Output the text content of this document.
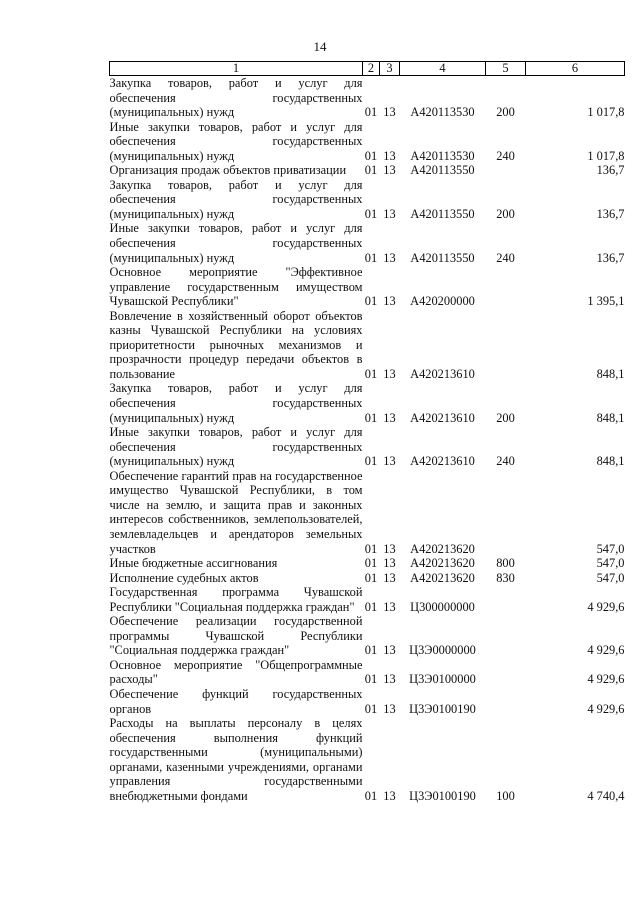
14
1	2	3	4	5	6
Закупка товаров, работ и услуг для обеспечения государственных (муниципальных) нужд	01	13	А420113530	200	1 017,8
Иные закупки товаров, работ и услуг для обеспечения государственных (муниципальных) нужд	01	13	А420113530	240	1 017,8
Организация продаж объектов приватизации	01	13	А420113550		136,7
Закупка товаров, работ и услуг для обеспечения государственных (муниципальных) нужд	01	13	А420113550	200	136,7
Иные закупки товаров, работ и услуг для обеспечения государственных (муниципальных) нужд	01	13	А420113550	240	136,7
Основное мероприятие "Эффективное управление государственным имуществом Чувашской Республики"	01	13	А420200000		1 395,1
Вовлечение в хозяйственный оборот объектов казны Чувашской Республики на условиях приоритетности рыночных механизмов и прозрачности процедур передачи объектов в пользование	01	13	А420213610		848,1
Закупка товаров, работ и услуг для обеспечения государственных (муниципальных) нужд	01	13	А420213610	200	848,1
Иные закупки товаров, работ и услуг для обеспечения государственных (муниципальных) нужд	01	13	А420213610	240	848,1
Обеспечение гарантий прав на государственное имущество Чувашской Республики, в том числе на землю, и защита прав и законных интересов собственников, землепользователей, землевладельцев и арендаторов земельных участков	01	13	А420213620		547,0
Иные бюджетные ассигнования	01	13	А420213620	800	547,0
Исполнение судебных актов	01	13	А420213620	830	547,0
Государственная программа Чувашской Республики "Социальная поддержка граждан"	01	13	Ц300000000		4 929,6
Обеспечение реализации государственной программы Чувашской Республики "Социальная поддержка граждан"	01	13	Ц3Э0000000		4 929,6
Основное мероприятие "Общепрограммные расходы"	01	13	Ц3Э0100000		4 929,6
Обеспечение функций государственных органов	01	13	Ц3Э0100190		4 929,6
Расходы на выплаты персоналу в целях обеспечения выполнения функций государственными (муниципальными) органами, казенными учреждениями, органами управления государственными внебюджетными фондами	01	13	Ц3Э0100190	100	4 740,4
